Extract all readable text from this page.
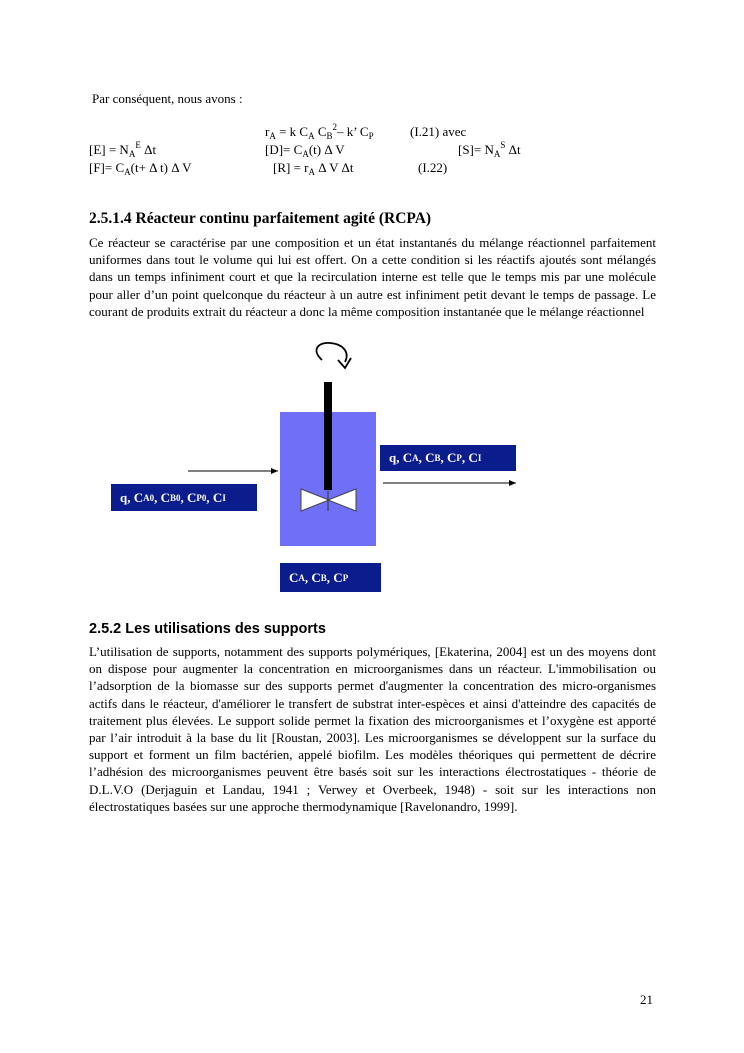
Par conséquent, nous avons :
$r_A = k$ $C_A$ $C_B^2-$ k’ $C_P$	(I.21) avec
$[E] = N_A^E$ Δt	$[D]= C_A(t)$ Δ V	$[S]= N_A^S$ Δt
$[F]= C_A(t+ \Delta$ t) Δ V	$[R] = r_A$ Δ V Δt	(I.22)
2.5.1.4 Réacteur continu parfaitement agité (RCPA)
Ce réacteur se caractérise par une composition et un état instantanés du mélange réactionnel parfaitement uniformes dans tout le volume qui lui est offert. On a cette condition si les réactifs ajoutés sont mélangés dans un temps infiniment court et que la recirculation interne est telle que le temps mis par une molécule pour aller d’un point quelconque du réacteur à un autre est infiniment petit devant le temps de passage. Le courant de produits extrait du réacteur a donc la même composition instantanée que le mélange réactionnel
q, C A , C B , C P , C I
q, C A 0 , C B 0 , C P 0 , C I
C A , C B , C P
2.5.2 Les utilisations des supports
L’utilisation de supports, notamment des supports polymériques, [Ekaterina, 2004] est un des moyens dont on dispose pour augmenter la concentration en microorganismes dans un réacteur. L'immobilisation ou l’adsorption de la biomasse sur des supports permet d'augmenter la concentration des micro-organismes actifs dans le réacteur, d'améliorer le transfert de substrat inter-espèces et ainsi d'atteindre des capacités de traitement plus élevées. Le support solide permet la fixation des microorganismes et l’oxygène est apporté par l’air introduit à la base du lit [Roustan, 2003]. Les microorganismes se développent sur la surface du support et forment un film bactérien, appelé biofilm. Les modèles théoriques qui permettent de décrire l’adhésion des microorganismes peuvent être basés soit sur les interactions électrostatiques - théorie de D.L.V.O (Derjaguin et Landau, 1941 ; Verwey et Overbeek, 1948) - soit sur les interactions non électrostatiques basées sur une approche thermodynamique [Ravelonandro, 1999].
21
